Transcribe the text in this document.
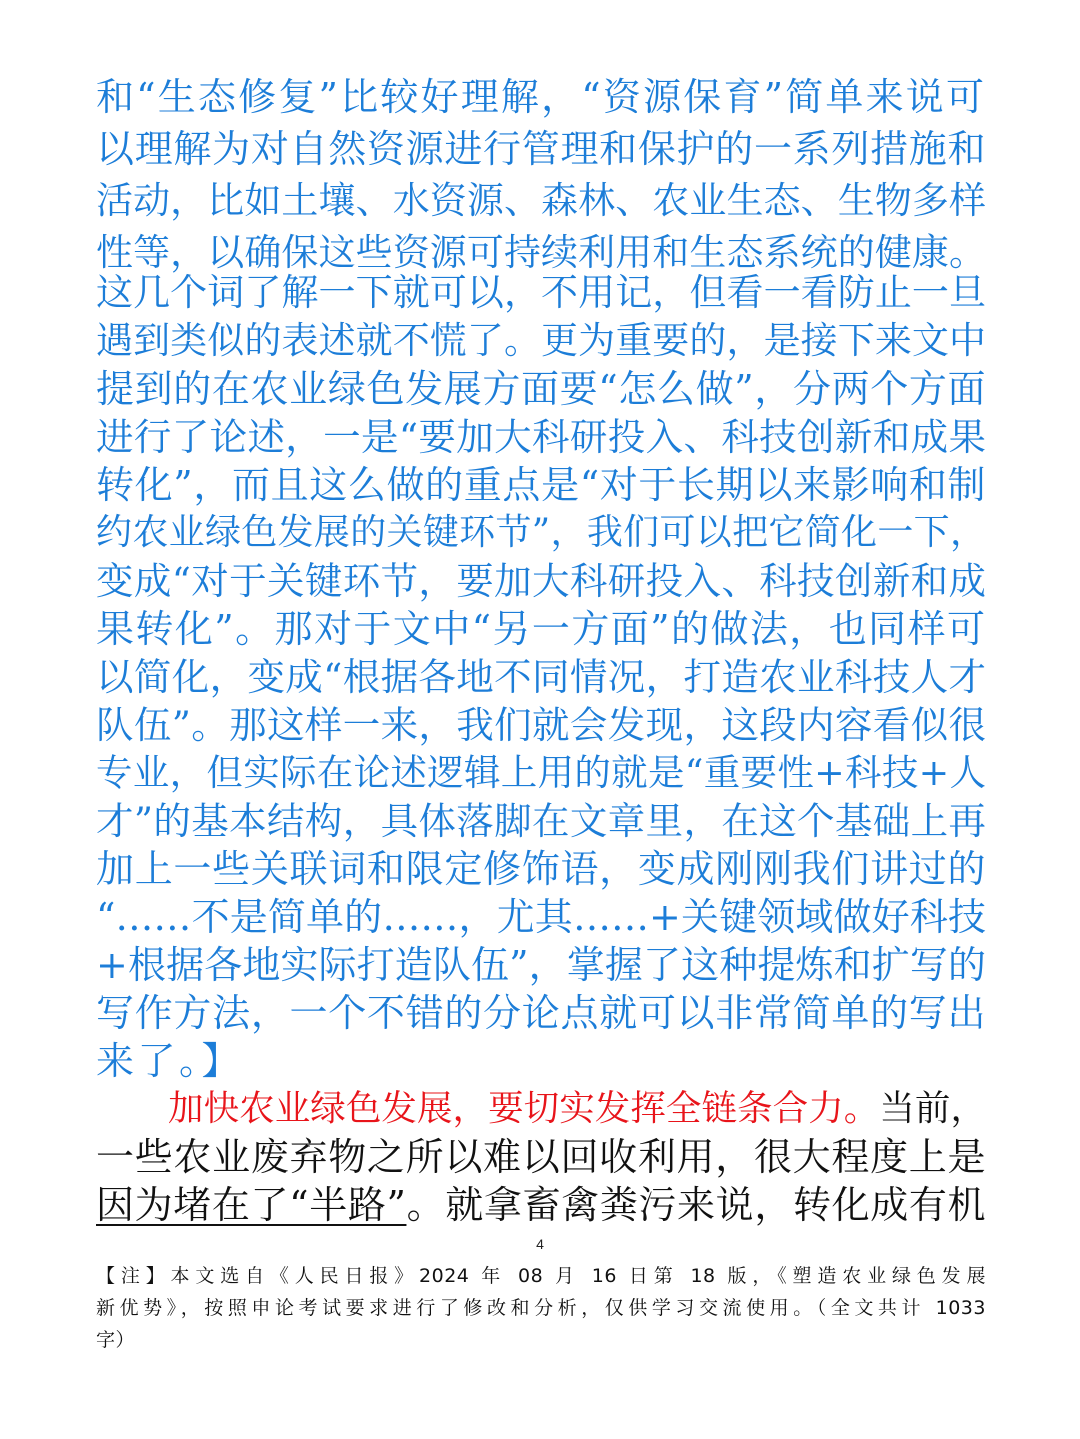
和“生态修复”比较好理解，“资源保育”简单来说可
以理解为对自然资源进行管理和保护的一系列措施和
活动，比如土壤、水资源、森林、农业生态、生物多样
性等，以确保这些资源可持续利用和生态系统的健康。
这几个词了解一下就可以，不用记，但看一看防止一旦
遇到类似的表述就不慌了。更为重要的，是接下来文中
提到的在农业绿色发展方面要“怎么做”，分两个方面
进行了论述，一是“要加大科研投入、科技创新和成果
转化”，而且这么做的重点是“对于长期以来影响和制
约农业绿色发展的关键环节”，我们可以把它简化一下，
变成“对于关键环节，要加大科研投入、科技创新和成
果转化”。那对于文中“另一方面”的做法，也同样可
以简化，变成“根据各地不同情况，打造农业科技人才
队伍”。那这样一来，我们就会发现，这段内容看似很
专业，但实际在论述逻辑上用的就是“重要性+科技+人
才”的基本结构，具体落脚在文章里，在这个基础上再
加上一些关联词和限定修饰语，变成刚刚我们讲过的
“……不是简单的……，尤其……+关键领域做好科技
+根据各地实际打造队伍”，掌握了这种提炼和扩写的
写作方法，一个不错的分论点就可以非常简单的写出
来了。】
加快农业绿色发展，要切实发挥全链条合力。当前，
一些农业废弃物之所以难以回收利用，很大程度上是
因为堵在了“半路”。就拿畜禽粪污来说，转化成有机
4
【注】本文选自《人民日报》2024 年 08 月 16 日第 18 版，《塑造农业绿色发展
新优势》，按照申论考试要求进行了修改和分析，仅供学习交流使用。（全文共计 1033
字）
